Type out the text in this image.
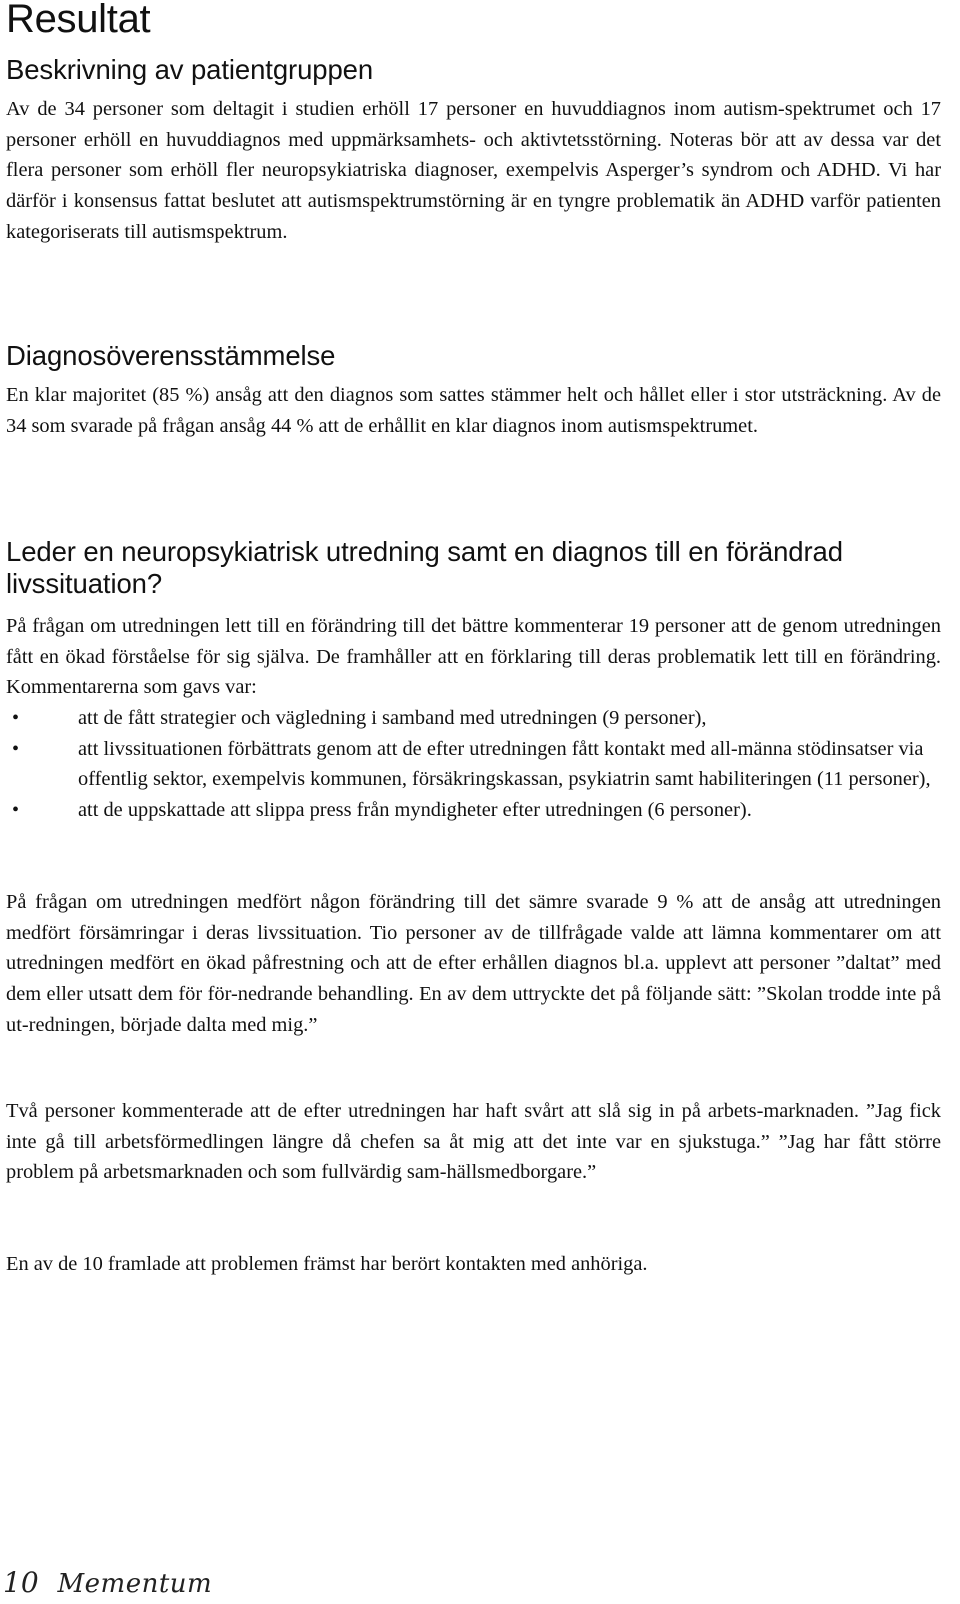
Resultat
Beskrivning av patientgruppen

Av de 34 personer som deltagit i studien erhöll 17 personer en huvuddiagnos inom autism-spektrumet och 17 personer erhöll en huvuddiagnos med uppmärksamhets- och aktivtetsstörning. Noteras bör att av dessa var det flera personer som erhöll fler neuropsykiatriska diagnoser, exempelvis Asperger’s syndrom och ADHD. Vi har därför i konsensus fattat beslutet att autismspektrumstörning är en tyngre problematik än ADHD varför patienten kategoriserats till autismspektrum.

Diagnosöverensstämmelse

En klar majoritet (85 %) ansåg att den diagnos som sattes stämmer helt och hållet eller i stor utsträckning. Av de 34 som svarade på frågan ansåg 44 % att de erhållit en klar diagnos inom autismspektrumet.

Leder en neuropsykiatrisk utredning samt en diagnos till en förändrad livssituation?

På frågan om utredningen lett till en förändring till det bättre kommenterar 19 personer att de genom utredningen fått en ökad förståelse för sig själva. De framhåller att en förklaring till deras problematik lett till en förändring. Kommentarerna som gavs var:

•	att de fått strategier och vägledning i samband med utredningen (9 personer),
•	att livssituationen förbättrats genom att de efter utredningen fått kontakt med all-männa stödinsatser via offentlig sektor, exempelvis kommunen, försäkringskassan, psykiatrin samt habiliteringen (11 personer),
•	att de uppskattade att slippa press från myndigheter efter utredningen (6 personer).

På frågan om utredningen medfört någon förändring till det sämre svarade 9 % att de ansåg att utredningen medfört försämringar i deras livssituation. Tio personer av de tillfrågade valde att lämna kommentarer om att utredningen medfört en ökad påfrestning och att de efter erhållen diagnos bl.a. upplevt att personer ”daltat” med dem eller utsatt dem för för-nedrande behandling. En av dem uttryckte det på följande sätt: ”Skolan trodde inte på ut-redningen, började dalta med mig.”

Två personer kommenterade att de efter utredningen har haft svårt att slå sig in på arbets-marknaden. ”Jag fick inte gå till arbetsförmedlingen längre då chefen sa åt mig att det inte var en sjukstuga.” ”Jag har fått större problem på arbetsmarknaden och som fullvärdig sam-hällsmedborgare.”

En av de 10 framlade att problemen främst har berört kontakten med anhöriga.

10 Mementum
